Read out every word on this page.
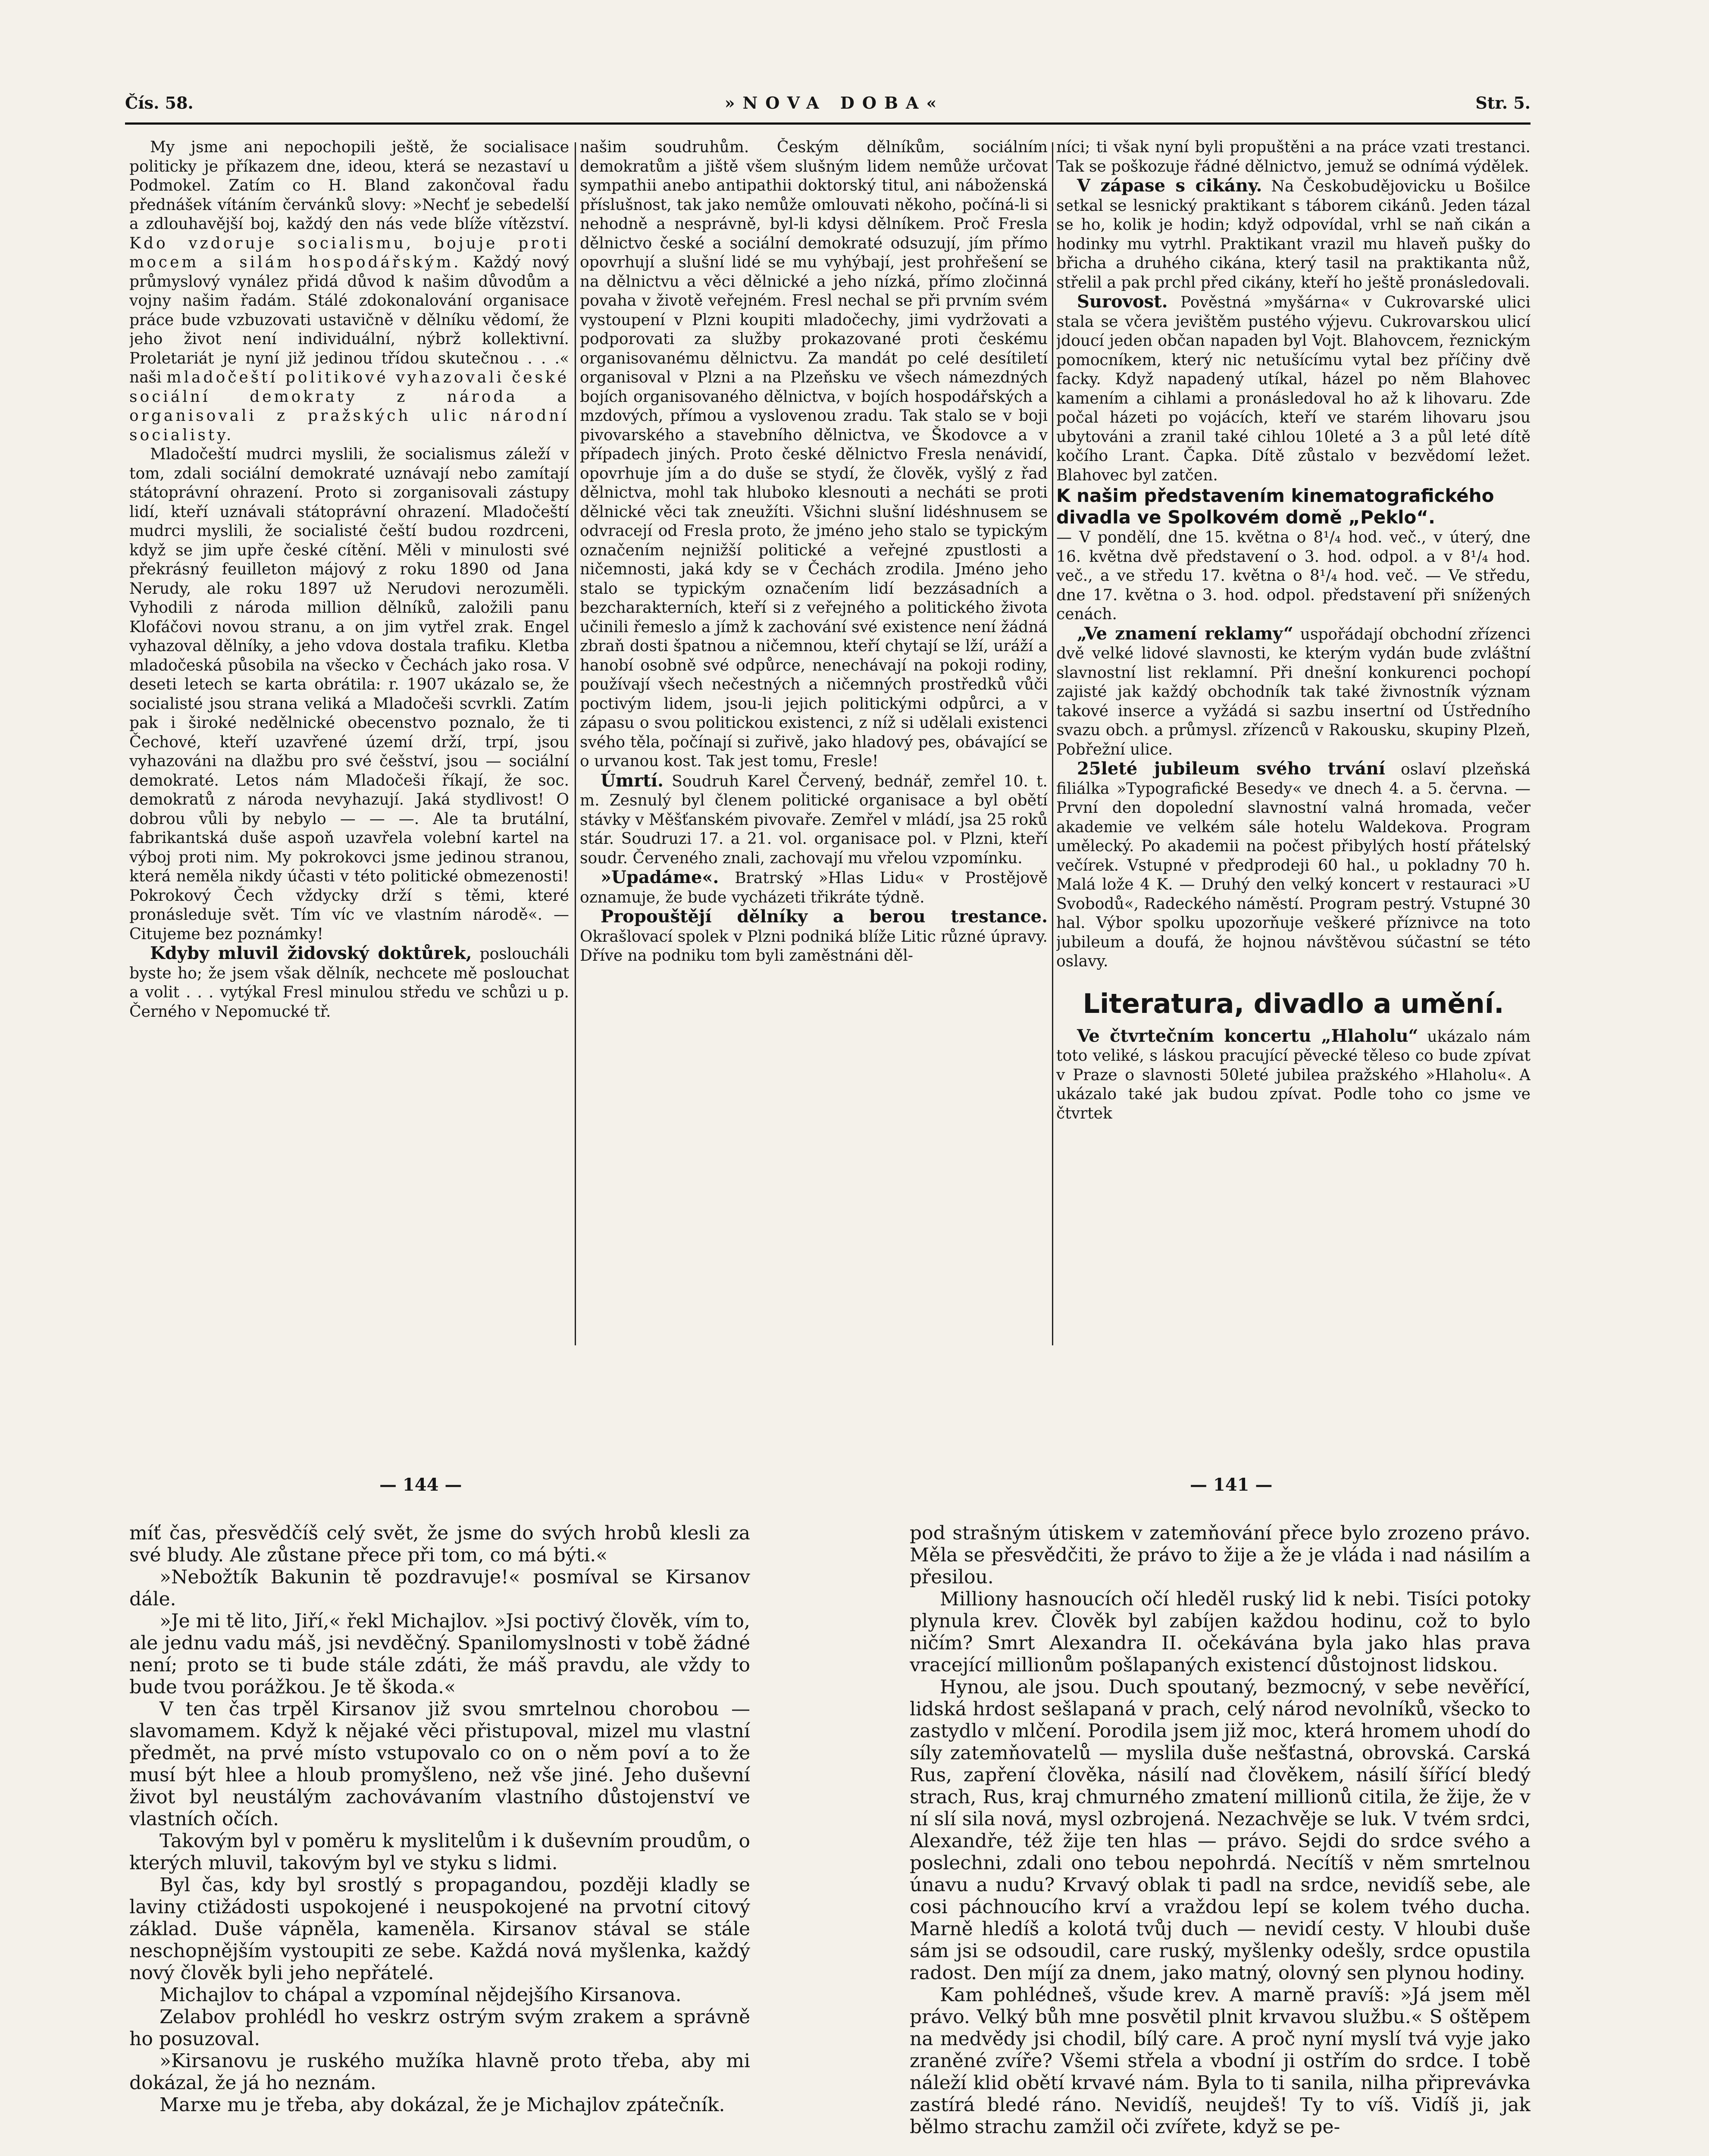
Čís. 58.	»NOVA DOBA«	Str. 5.

My jsme ani nepochopili ještě, že socialisace politicky je příkazem dne, ideou, která se nezastaví u Podmokel. Zatím co H. Bland zakončoval řadu přednášek vítáním červánků slovy: »Nechť je sebedelší a zdlouhavější boj, každý den nás vede blíže vítězství. Kdo vzdoruje socialismu, bojuje proti mocem a silám hospodářským. Každý nový průmyslový vynález přidá důvod k našim důvodům a vojny našim řadám. Stálé zdokonalování organisace práce bude vzbuzovati ustavičně v dělníku vědomí, že jeho život není individuální, nýbrž kollektivní. Proletariát je nyní již jedinou třídou skutečnou . . .« naši mladočeští politikové vyhazovali české sociální demokraty z národa a organisovali z pražských ulic národní socialisty.

Mladočeští mudrci myslili, že socialismus záleží v tom, zdali sociální demokraté uznávají nebo zamítají státoprávní ohrazení. Proto si zorganisovali zástupy lidí, kteří uznávali státoprávní ohrazení. Mladočeští mudrci myslili, že socialisté čeští budou rozdrceni, když se jim upře české cítění. Měli v minulosti své překrásný feuilleton májový z roku 1890 od Jana Nerudy, ale roku 1897 už Nerudovi nerozuměli. Vyhodili z národa million dělníků, založili panu Klofáčovi novou stranu, a on jim vytřel zrak. Engel vyhazoval dělníky, a jeho vdova dostala trafiku. Kletba mladočeská působila na všecko v Čechách jako rosa. V deseti letech se karta obrátila: r. 1907 ukázalo se, že socialisté jsou strana veliká a Mladočeši scvrkli. Zatím pak i široké nedělnické obecenstvo poznalo, že ti Čechové, kteří uzavřené území drží, trpí, jsou vyhazováni na dlažbu pro své češství, jsou — sociální demokraté. Letos nám Mladočeši říkají, že soc. demokratů z národa nevyhazují. Jaká stydlivost! O dobrou vůli by nebylo — — —. Ale ta brutální, fabrikantská duše aspoň uzavřela volební kartel na výboj proti nim. My pokrokovci jsme jedinou stranou, která neměla nikdy účasti v této politické obmezenosti! Pokrokový Čech vždycky drží s těmi, které pronásleduje svět. Tím víc ve vlastním národě«. — Citujeme bez poznámky!

Kdyby mluvil židovský doktůrek, posloucháli byste ho; že jsem však dělník, nechcete mě poslouchat a volit . . . vytýkal Fresl minulou středu ve schůzi u p. Černého v Nepomucké tř.

našim soudruhům. Českým dělníkům, sociálním demokratům a jiště všem slušným lidem nemůže určovat sympathii anebo antipathii doktorský titul, ani náboženská příslušnost, tak jako nemůže omlouvati někoho, počíná-li si nehodně a nesprávně, byl-li kdysi dělníkem. Proč Fresla dělnictvo české a sociální demokraté odsuzují, jím přímo opovrhují a slušní lidé se mu vyhýbají, jest prohřešení se na dělnictvu a věci dělnické a jeho nízká, přímo zločinná povaha v životě veřejném. Fresl nechal se při prvním svém vystoupení v Plzni koupiti mladočechy, jimi vydržovati a podporovati za služby prokazované proti českému organisovanému dělnictvu. Za mandát po celé desítiletí organisoval v Plzni a na Plzeňsku ve všech námezdných bojích organisovaného dělnictva, v bojích hospodářských a mzdových, přímou a vyslovenou zradu. Tak stalo se v boji pivovarského a stavebního dělnictva, ve Škodovce a v případech jiných. Proto české dělnictvo Fresla nenávidí, opovrhuje jím a do duše se stydí, že člověk, vyšlý z řad dělnictva, mohl tak hluboko klesnouti a necháti se proti dělnické věci tak zneužíti. Všichni slušní lidéshnusem se odvracejí od Fresla proto, že jméno jeho stalo se typickým označením nejnižší politické a veřejné zpustlosti a ničemnosti, jaká kdy se v Čechách zrodila. Jméno jeho stalo se typickým označením lidí bezzásadních a bezcharakterních, kteří si z veřejného a politického života učinili řemeslo a jímž k zachování své existence není žádná zbraň dosti špatnou a ničemnou, kteří chytají se lží, uráží a hanobí osobně své odpůrce, nenechávají na pokoji rodiny, používají všech nečestných a ničemných prostředků vůči poctivým lidem, jsou-li jejich politickými odpůrci, a v zápasu o svou politickou existenci, z níž si udělali existenci svého těla, počínají si zuřivě, jako hladový pes, obávající se o urvanou kost. Tak jest tomu, Fresle!

Úmrtí. Soudruh Karel Červený, bednář, zemřel 10. t. m. Zesnulý byl členem politické organisace a byl obětí stávky v Měšťanském pivovaře. Zemřel v mládí, jsa 25 roků stár. Soudruzi 17. a 21. vol. organisace pol. v Plzni, kteří soudr. Červeného znali, zachovají mu vřelou vzpomínku.

»Upadáme«. Bratrský »Hlas Lidu« v Prostějově oznamuje, že bude vycházeti třikráte týdně.

Propouštějí dělníky a berou trestance. Okrašlovací spolek v Plzni podniká blíže Litic různé úpravy. Dříve na podniku tom byli zaměstnáni děl-

níci; ti však nyní byli propuštěni a na práce vzati trestanci. Tak se poškozuje řádné dělnictvo, jemuž se odnímá výdělek.

V zápase s cikány. Na Českobudějovicku u Bošilce setkal se lesnický praktikant s táborem cikánů. Jeden tázal se ho, kolik je hodin; když odpovídal, vrhl se naň cikán a hodinky mu vytrhl. Praktikant vrazil mu hlaveň pušky do břicha a druhého cikána, který tasil na praktikanta nůž, střelil a pak prchl před cikány, kteří ho ještě pronásledovali.

Surovost. Pověstná »myšárna« v Cukrovarské ulici stala se včera jevištěm pustého výjevu. Cukrovarskou ulicí jdoucí jeden občan napaden byl Vojt. Blahovcem, řeznickým pomocníkem, který nic netušícímu vytal bez příčiny dvě facky. Když napadený utíkal, házel po něm Blahovec kamením a cihlami a pronásledoval ho až k lihovaru. Zde počal házeti po vojácích, kteří ve starém lihovaru jsou ubytováni a zranil také cihlou 10leté a 3 a půl leté dítě kočího Lrant. Čapka. Dítě zůstalo v bezvědomí ležet. Blahovec byl zatčen.

K našim představením kinematografického divadla ve Spolkovém domě „Peklo“.

— V pondělí, dne 15. května o 8¹/₄ hod. več., v úterý, dne 16. května dvě představení o 3. hod. odpol. a v 8¹/₄ hod. več., a ve středu 17. května o 8¹/₄ hod. več. — Ve středu, dne 17. května o 3. hod. odpol. představení při snížených cenách.

„Ve znamení reklamy“ uspořádají obchodní zřízenci dvě velké lidové slavnosti, ke kterým vydán bude zvláštní slavnostní list reklamní. Při dnešní konkurenci pochopí zajisté jak každý obchodník tak také živnostník význam takové inserce a vyžádá si sazbu insertní od Ústředního svazu obch. a průmysl. zřízenců v Rakousku, skupiny Plzeň, Pobřežní ulice.

25leté jubileum svého trvání oslaví plzeňská filiálka »Typografické Besedy« ve dnech 4. a 5. června. — První den dopolední slavnostní valná hromada, večer akademie ve velkém sále hotelu Waldekova. Program umělecký. Po akademii na počest přibylých hostí přátelský večírek. Vstupné v předprodeji 60 hal., u pokladny 70 h. Malá lože 4 K. — Druhý den velký koncert v restauraci »U Svobodů«, Radeckého náměstí. Program pestrý. Vstupné 30 hal. Výbor spolku upozorňuje veškeré příznivce na toto jubileum a doufá, že hojnou návštěvou súčastní se této oslavy.

Literatura, divadlo a umění.

Ve čtvrtečním koncertu „Hlaholu“ ukázalo nám toto veliké, s láskou pracující pěvecké těleso co bude zpívat v Praze o slavnosti 50leté jubilea pražského »Hlaholu«. A ukázalo také jak budou zpívat. Podle toho co jsme ve čtvrtek

— 144 —	— 141 —

míť čas, přesvědčíš celý svět, že jsme do svých hrobů klesli za své bludy. Ale zůstane přece při tom, co má býti.«

»Nebožtík Bakunin tě pozdravuje!« posmíval se Kirsanov dále.

»Je mi tě lito, Jiří,« řekl Michajlov. »Jsi poctivý člověk, vím to, ale jednu vadu máš, jsi nevděčný. Spanilomyslnosti v tobě žádné není; proto se ti bude stále zdáti, že máš pravdu, ale vždy to bude tvou porážkou. Je tě škoda.«

V ten čas trpěl Kirsanov již svou smrtelnou chorobou — slavomamem. Když k nějaké věci přistupoval, mizel mu vlastní předmět, na prvé místo vstupovalo co on o něm poví a to že musí být hlee a hloub promyšleno, než vše jiné. Jeho duševní život byl neustálým zachovávaním vlastního důstojenství ve vlastních očích.

Takovým byl v poměru k myslitelům i k duševním proudům, o kterých mluvil, takovým byl ve styku s lidmi.

Byl čas, kdy byl srostlý s propagandou, později kladly se laviny ctižádosti uspokojené i neuspokojené na prvotní citový základ. Duše vápněla, kameněla. Kirsanov stával se stále neschopnějším vystoupiti ze sebe. Každá nová myšlenka, každý nový člověk byli jeho nepřátelé.

Michajlov to chápal a vzpomínal nějdejšího Kirsanova.

Zelabov prohlédl ho veskrz ostrým svým zrakem a správně ho posuzoval.

»Kirsanovu je ruského mužíka hlavně proto třeba, aby mi dokázal, že já ho neznám.

Marxe mu je třeba, aby dokázal, že je Michajlov zpátečník.

pod strašným útiskem v zatemňování přece bylo zrozeno právo. Měla se přesvědčiti, že právo to žije a že je vláda i nad násilím a přesilou.

Milliony hasnoucích očí hleděl ruský lid k nebi. Tisíci potoky plynula krev. Člověk byl zabíjen každou hodinu, což to bylo ničím? Smrt Alexandra II. očekávána byla jako hlas prava vracející millionům pošlapaných existencí důstojnost lidskou.

Hynou, ale jsou. Duch spoutaný, bezmocný, v sebe nevěřící, lidská hrdost sešlapaná v prach, celý národ nevolníků, všecko to zastydlo v mlčení. Porodila jsem již moc, která hromem uhodí do síly zatemňovatelů — myslila duše nešťastná, obrovská. Carská Rus, zapření člověka, násilí nad člověkem, násilí šířící bledý strach, Rus, kraj chmurného zmatení millionů citila, že žije, že v ní slí sila nová, mysl ozbrojená. Nezachvěje se luk. V tvém srdci, Alexandře, též žije ten hlas — právo. Sejdi do srdce svého a poslechni, zdali ono tebou nepohrdá. Necítíš v něm smrtelnou únavu a nudu? Krvavý oblak ti padl na srdce, nevidíš sebe, ale cosi páchnoucího krví a vraždou lepí se kolem tvého ducha. Marně hledíš a kolotá tvůj duch — nevidí cesty. V hloubi duše sám jsi se odsoudil, care ruský, myšlenky odešly, srdce opustila radost. Den míjí za dnem, jako matný, olovný sen plynou hodiny.

Kam pohlédneš, všude krev. A marně pravíš: »Já jsem měl právo. Velký bůh mne posvětil plnit krvavou službu.« S oštěpem na medvědy jsi chodil, bílý care. A proč nyní myslí tvá vyje jako zraněné zvíře? Všemi střela a vbodní ji ostřím do srdce. I tobě náleží klid obětí krvavé nám. Byla to ti sanila, nilha připrevávka zastírá bledé ráno. Nevidíš, neujdeš! Ty to víš. Vidíš ji, jak bělmo strachu zamžil oči zvířete, když se pe-
